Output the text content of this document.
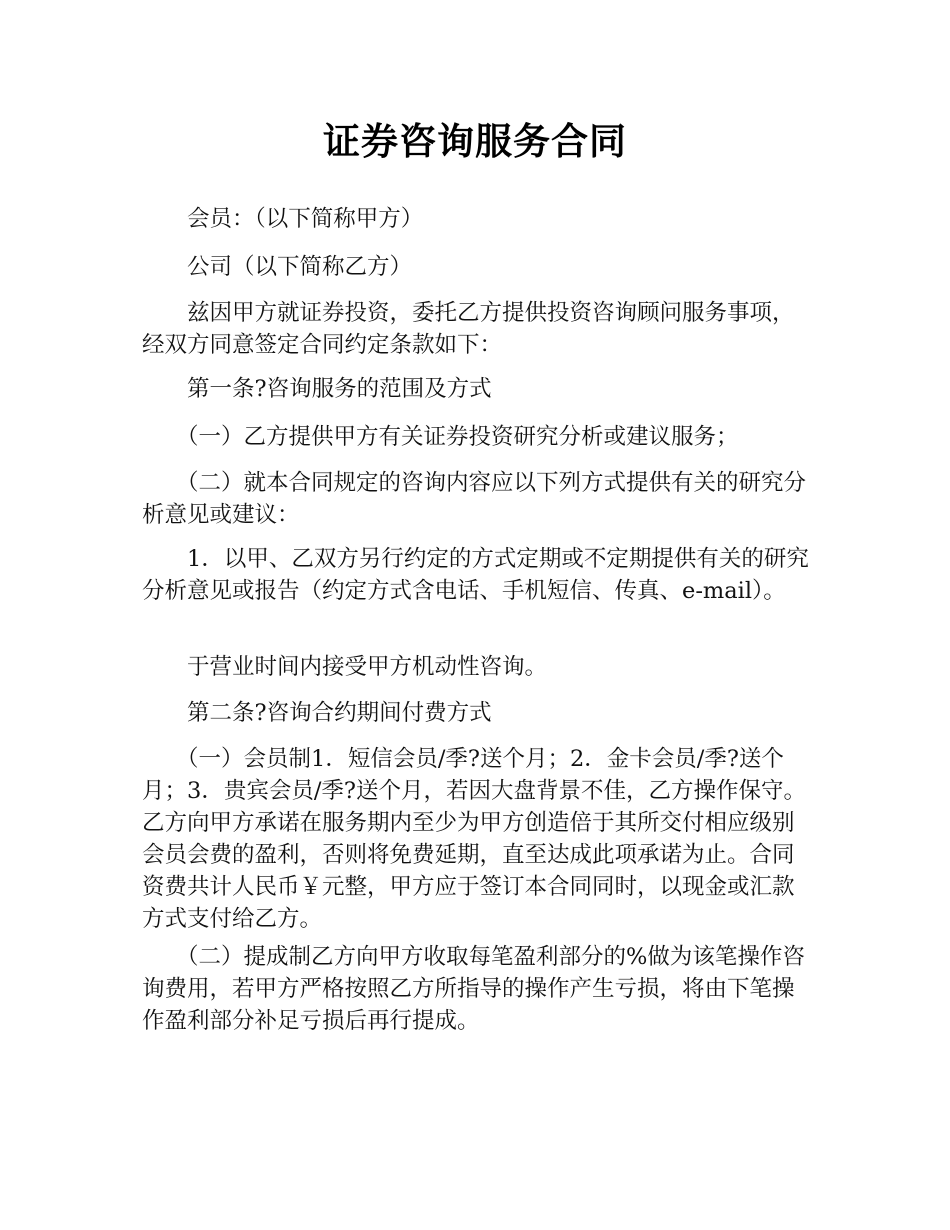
证券咨询服务合同

会员：（以下简称甲方）

公司（以下简称乙方）

兹因甲方就证券投资，委托乙方提供投资咨询顾问服务事项，经双方同意签定合同约定条款如下：

第一条?咨询服务的范围及方式

（一）乙方提供甲方有关证券投资研究分析或建议服务；

（二）就本合同规定的咨询内容应以下列方式提供有关的研究分析意见或建议：

1．以甲、乙双方另行约定的方式定期或不定期提供有关的研究分析意见或报告（约定方式含电话、手机短信、传真、e-mail）。

于营业时间内接受甲方机动性咨询。

第二条?咨询合约期间付费方式

（一）会员制1．短信会员/季?送个月；2．金卡会员/季?送个月；3．贵宾会员/季?送个月，若因大盘背景不佳，乙方操作保守。乙方向甲方承诺在服务期内至少为甲方创造倍于其所交付相应级别会员会费的盈利，否则将免费延期，直至达成此项承诺为止。合同资费共计人民币￥元整，甲方应于签订本合同同时，以现金或汇款方式支付给乙方。

（二）提成制乙方向甲方收取每笔盈利部分的%做为该笔操作咨询费用，若甲方严格按照乙方所指导的操作产生亏损，将由下笔操作盈利部分补足亏损后再行提成。
